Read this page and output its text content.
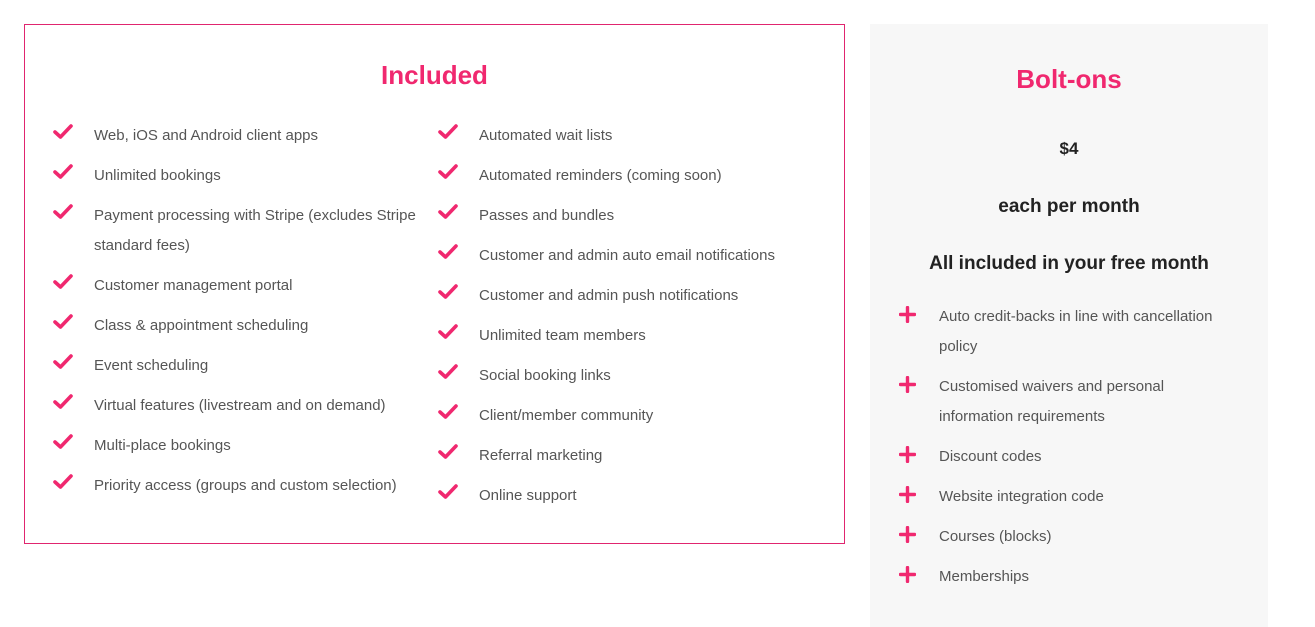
Included
Web, iOS and Android client apps
Unlimited bookings
Payment processing with Stripe (excludes Stripe standard fees)
Customer management portal
Class & appointment scheduling
Event scheduling
Virtual features (livestream and on demand)
Multi-place bookings
Priority access (groups and custom selection)
Automated wait lists
Automated reminders (coming soon)
Passes and bundles
Customer and admin auto email notifications
Customer and admin push notifications
Unlimited team members
Social booking links
Client/member community
Referral marketing
Online support
Bolt-ons
$4
each per month
All included in your free month
Auto credit-backs in line with cancellation policy
Customised waivers and personal information requirements
Discount codes
Website integration code
Courses (blocks)
Memberships
